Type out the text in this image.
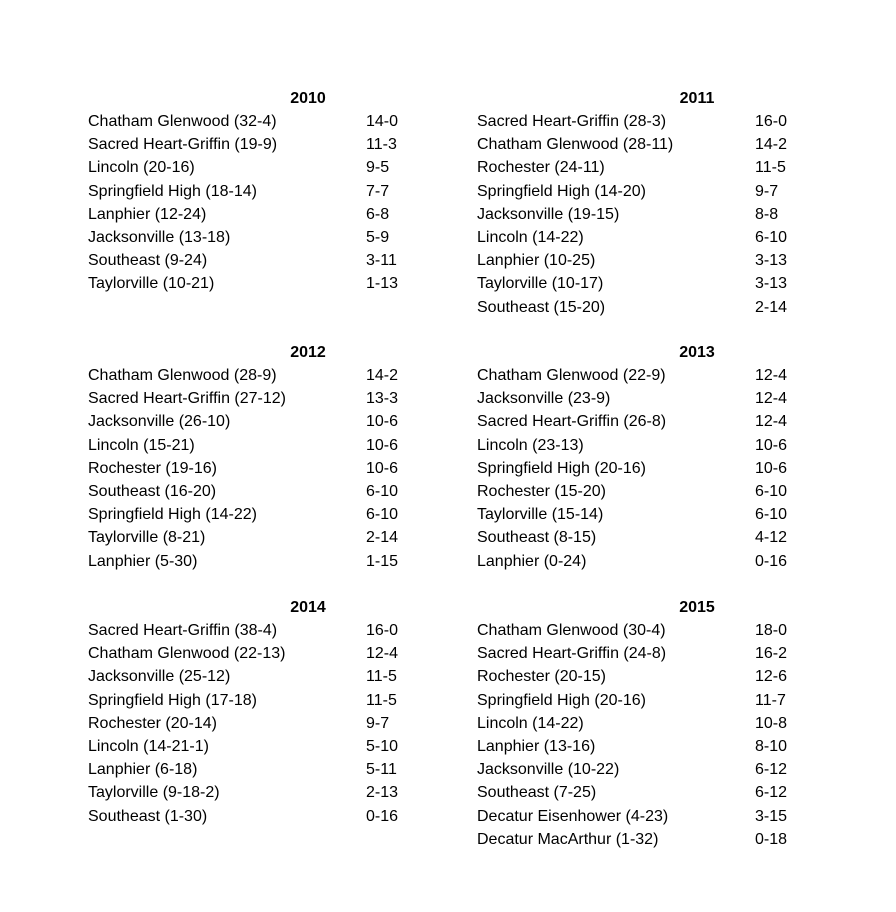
2010
Chatham Glenwood (32-4)	14-0
Sacred Heart-Griffin (19-9)	11-3
Lincoln (20-16)	9-5
Springfield High (18-14)	7-7
Lanphier (12-24)	6-8
Jacksonville (13-18)	5-9
Southeast (9-24)	3-11
Taylorville (10-21)	1-13
2011
Sacred Heart-Griffin (28-3)	16-0
Chatham Glenwood (28-11)	14-2
Rochester (24-11)	11-5
Springfield High (14-20)	9-7
Jacksonville (19-15)	8-8
Lincoln (14-22)	6-10
Lanphier (10-25)	3-13
Taylorville (10-17)	3-13
Southeast (15-20)	2-14
2012
Chatham Glenwood (28-9)	14-2
Sacred Heart-Griffin (27-12)	13-3
Jacksonville (26-10)	10-6
Lincoln (15-21)	10-6
Rochester (19-16)	10-6
Southeast (16-20)	6-10
Springfield High (14-22)	6-10
Taylorville (8-21)	2-14
Lanphier (5-30)	1-15
2013
Chatham Glenwood (22-9)	12-4
Jacksonville (23-9)	12-4
Sacred Heart-Griffin (26-8)	12-4
Lincoln (23-13)	10-6
Springfield High (20-16)	10-6
Rochester (15-20)	6-10
Taylorville (15-14)	6-10
Southeast (8-15)	4-12
Lanphier (0-24)	0-16
2014
Sacred Heart-Griffin (38-4)	16-0
Chatham Glenwood (22-13)	12-4
Jacksonville (25-12)	11-5
Springfield High (17-18)	11-5
Rochester (20-14)	9-7
Lincoln (14-21-1)	5-10
Lanphier (6-18)	5-11
Taylorville (9-18-2)	2-13
Southeast (1-30)	0-16
2015
Chatham Glenwood (30-4)	18-0
Sacred Heart-Griffin (24-8)	16-2
Rochester (20-15)	12-6
Springfield High (20-16)	11-7
Lincoln (14-22)	10-8
Lanphier (13-16)	8-10
Jacksonville (10-22)	6-12
Southeast (7-25)	6-12
Decatur Eisenhower (4-23)	3-15
Decatur MacArthur (1-32)	0-18
